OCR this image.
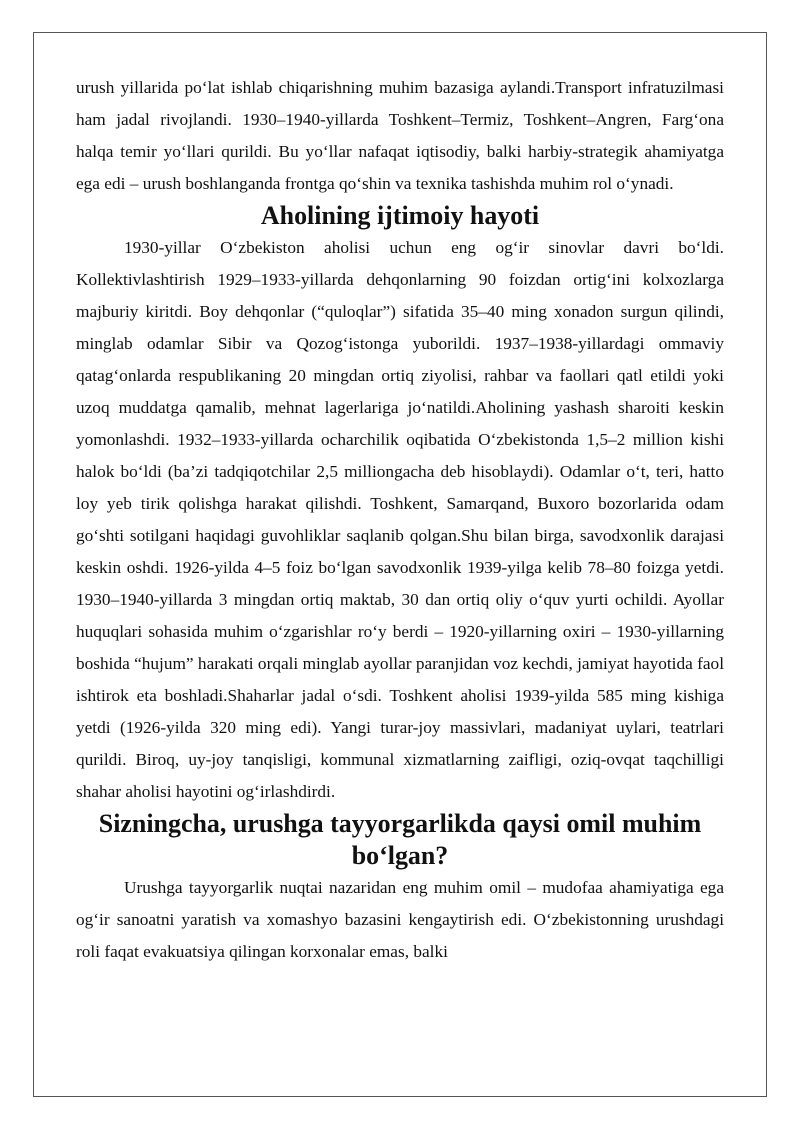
urush yillarida po‘lat ishlab chiqarishning muhim bazasiga aylandi.Transport infratuzilmasi ham jadal rivojlandi. 1930–1940-yillarda Toshkent–Termiz, Toshkent–Angren, Farg‘ona halqa temir yo‘llari qurildi. Bu yo‘llar nafaqat iqtisodiy, balki harbiy-strategik ahamiyatga ega edi – urush boshlanganda frontga qo‘shin va texnika tashishda muhim rol o‘ynadi.

Aholining ijtimoiy hayoti

1930-yillar O‘zbekiston aholisi uchun eng og‘ir sinovlar davri bo‘ldi. Kollektivlashtirish 1929–1933-yillarda dehqonlarning 90 foizdan ortig‘ini kolxozlarga majburiy kiritdi. Boy dehqonlar (“quloqlar”) sifatida 35–40 ming xonadon surgun qilindi, minglab odamlar Sibir va Qozog‘istonga yuborildi. 1937–1938-yillardagi ommaviy qatag‘onlarda respublikaning 20 mingdan ortiq ziyolisi, rahbar va faollari qatl etildi yoki uzoq muddatga qamalib, mehnat lagerlariga jo‘natildi.Aholining yashash sharoiti keskin yomonlashdi. 1932–1933-yillarda ocharchilik oqibatida O‘zbekistonda 1,5–2 million kishi halok bo‘ldi (ba’zi tadqiqotchilar 2,5 milliongacha deb hisoblaydi). Odamlar o‘t, teri, hatto loy yeb tirik qolishga harakat qilishdi. Toshkent, Samarqand, Buxoro bozorlarida odam go‘shti sotilgani haqidagi guvohliklar saqlanib qolgan.Shu bilan birga, savodxonlik darajasi keskin oshdi. 1926-yilda 4–5 foiz bo‘lgan savodxonlik 1939-yilga kelib 78–80 foizga yetdi. 1930–1940-yillarda 3 mingdan ortiq maktab, 30 dan ortiq oliy o‘quv yurti ochildi. Ayollar huquqlari sohasida muhim o‘zgarishlar ro‘y berdi – 1920-yillarning oxiri – 1930-yillarning boshida “hujum” harakati orqali minglab ayollar paranjidan voz kechdi, jamiyat hayotida faol ishtirok eta boshladi.Shaharlar jadal o‘sdi. Toshkent aholisi 1939-yilda 585 ming kishiga yetdi (1926-yilda 320 ming edi). Yangi turar-joy massivlari, madaniyat uylari, teatrlari qurildi. Biroq, uy-joy tanqisligi, kommunal xizmatlarning zaifligi, oziq-ovqat taqchilligi shahar aholisi hayotini og‘irlashdirdi.

Sizningcha, urushga tayyorgarlikda qaysi omil muhim bo‘lgan?

Urushga tayyorgarlik nuqtai nazaridan eng muhim omil – mudofaa ahamiyatiga ega og‘ir sanoatni yaratish va xomashyo bazasini kengaytirish edi. O‘zbekistonning urushdagi roli faqat evakuatsiya qilingan korxonalar emas, balki
